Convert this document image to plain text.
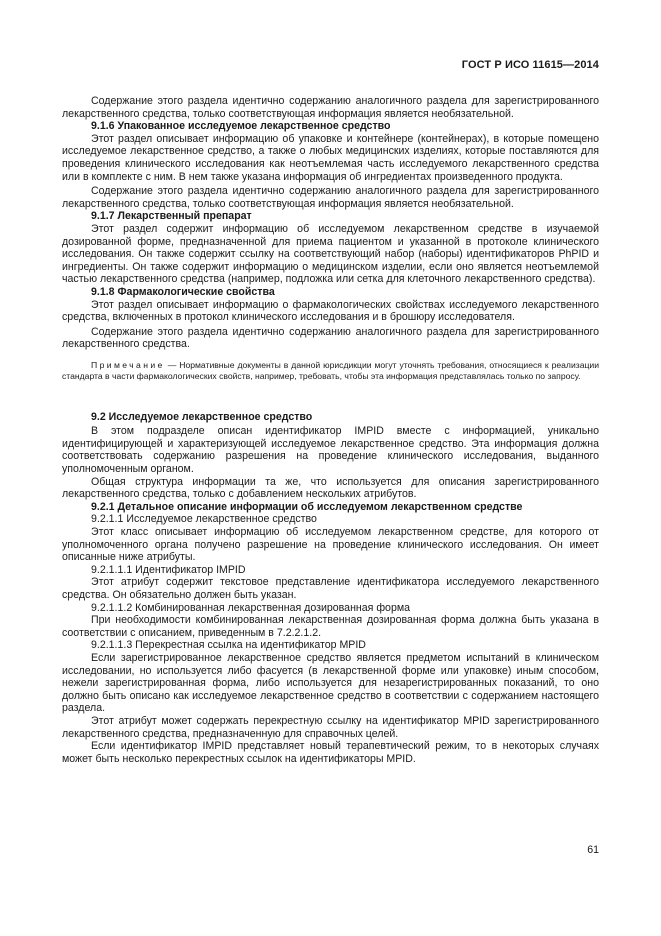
ГОСТ Р ИСО 11615—2014

Содержание этого раздела идентично содержанию аналогичного раздела для зарегистрированного лекарственного средства, только соответствующая информация является необязательной.

9.1.6 Упакованное исследуемое лекарственное средство

Этот раздел описывает информацию об упаковке и контейнере (контейнерах), в которые помещено исследуемое лекарственное средство, а также о любых медицинских изделиях, которые поставляются для проведения клинического исследования как неотъемлемая часть исследуемого лекарственного средства или в комплекте с ним. В нем также указана информация об ингредиентах произведенного продукта.

Содержание этого раздела идентично содержанию аналогичного раздела для зарегистрированного лекарственного средства, только соответствующая информация является необязательной.

9.1.7 Лекарственный препарат

Этот раздел содержит информацию об исследуемом лекарственном средстве в изучаемой дозированной форме, предназначенной для приема пациентом и указанной в протоколе клинического исследования. Он также содержит ссылку на соответствующий набор (наборы) идентификаторов PhPID и ингредиенты. Он также содержит информацию о медицинском изделии, если оно является неотъемлемой частью лекарственного средства (например, подложка или сетка для клеточного лекарственного средства).

9.1.8 Фармакологические свойства

Этот раздел описывает информацию о фармакологических свойствах исследуемого лекарственного средства, включенных в протокол клинического исследования и в брошюру исследователя.

Содержание этого раздела идентично содержанию аналогичного раздела для зарегистрированного лекарственного средства.

Примечание — Нормативные документы в данной юрисдикции могут уточнять требования, относящиеся к реализации стандарта в части фармакологических свойств, например, требовать, чтобы эта информация представлялась только по запросу.

9.2 Исследуемое лекарственное средство

В этом подразделе описан идентификатор IMPID вместе с информацией, уникально идентифицирующей и характеризующей исследуемое лекарственное средство. Эта информация должна соответствовать содержанию разрешения на проведение клинического исследования, выданного уполномоченным органом.

Общая структура информации та же, что используется для описания зарегистрированного лекарственного средства, только с добавлением нескольких атрибутов.

9.2.1 Детальное описание информации об исследуемом лекарственном средстве

9.2.1.1 Исследуемое лекарственное средство

Этот класс описывает информацию об исследуемом лекарственном средстве, для которого от уполномоченного органа получено разрешение на проведение клинического исследования. Он имеет описанные ниже атрибуты.

9.2.1.1.1 Идентификатор IMPID

Этот атрибут содержит текстовое представление идентификатора исследуемого лекарственного средства. Он обязательно должен быть указан.

9.2.1.1.2 Комбинированная лекарственная дозированная форма

При необходимости комбинированная лекарственная дозированная форма должна быть указана в соответствии с описанием, приведенным в 7.2.2.1.2.

9.2.1.1.3 Перекрестная ссылка на идентификатор MPID

Если зарегистрированное лекарственное средство является предметом испытаний в клиническом исследовании, но используется либо фасуется (в лекарственной форме или упаковке) иным способом, нежели зарегистрированная форма, либо используется для незарегистрированных показаний, то оно должно быть описано как исследуемое лекарственное средство в соответствии с содержанием настоящего раздела.

Этот атрибут может содержать перекрестную ссылку на идентификатор MPID зарегистрированного лекарственного средства, предназначенную для справочных целей.

Если идентификатор IMPID представляет новый терапевтический режим, то в некоторых случаях может быть несколько перекрестных ссылок на идентификаторы MPID.

61
